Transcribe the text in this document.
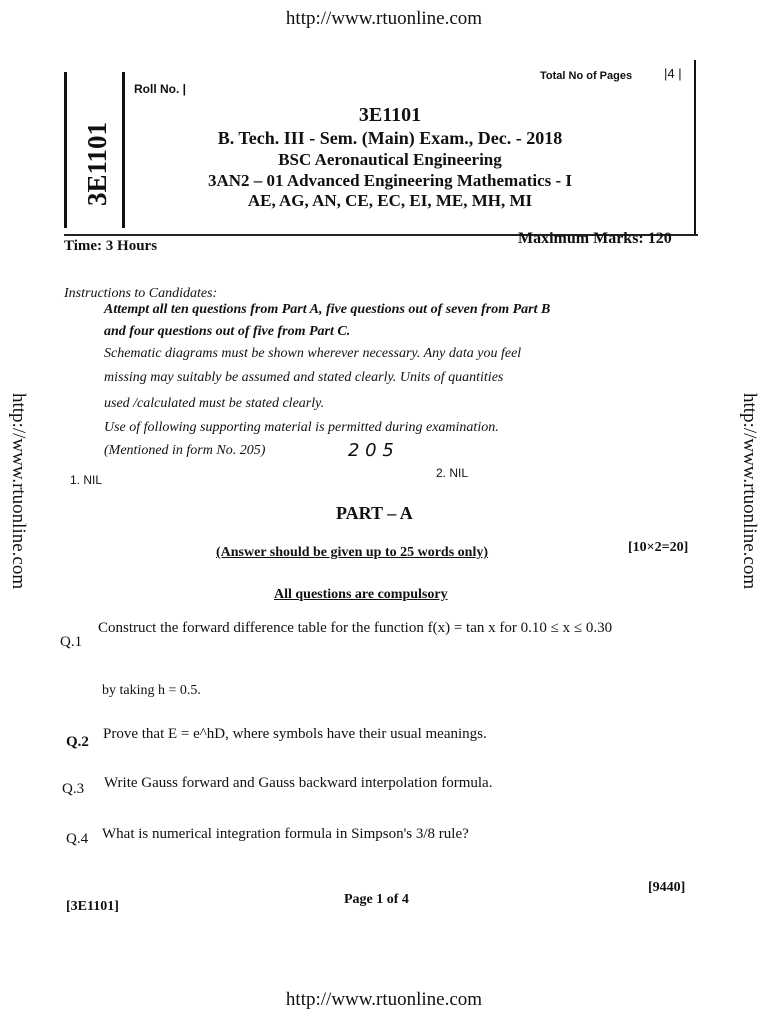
http://www.rtuonline.com
http://www.rtuonline.com	http://www.rtuonline.com
3E1101
Roll No. |
Total No of Pages |4 |
3E1101
B. Tech. III - Sem. (Main) Exam., Dec. - 2018
BSC Aeronautical Engineering
3AN2 – 01 Advanced Engineering Mathematics - I
AE, AG, AN, CE, EC, EI, ME, MH, MI
Time: 3 Hours	Maximum Marks: 120
Instructions to Candidates:
Attempt all ten questions from Part A, five questions out of seven from Part B
and four questions out of five from Part C.
Schematic diagrams must be shown wherever necessary. Any data you feel
missing may suitably be assumed and stated clearly. Units of quantities
used /calculated must be stated clearly.
Use of following supporting material is permitted during examination.
(Mentioned in form No. 205)	2 0 5
1. NIL	2. NIL
PART – A
(Answer should be given up to 25 words only)	[10×2=20]
All questions are compulsory
Q.1
Construct the forward difference table for the function f(x) = tan x for 0.10 ≤ x ≤ 0.30
by taking h = 0.5.
Q.2 Prove that E = e^hD, where symbols have their usual meanings.
Q.3 Write Gauss forward and Gauss backward interpolation formula.
Q.4 What is numerical integration formula in Simpson's 3/8 rule?
[3E1101]	Page 1 of 4
[9440]
http://www.rtuonline.com
